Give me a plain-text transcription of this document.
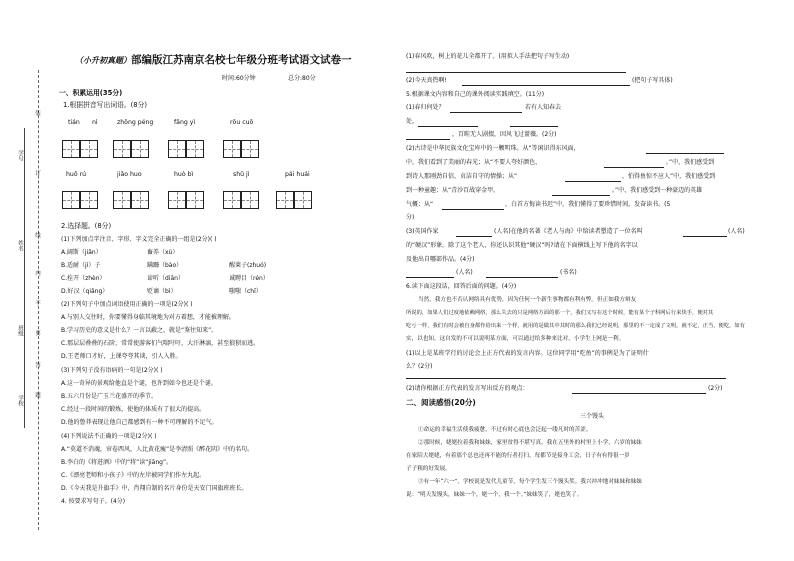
学号
姓名
班级
学校
装
订
线
内
不
要
答
题
（小升初真题）部编版江苏南京名校七年级分班考试语文试卷一
时间:60分钟	总分:80分
一、积累运用(35分)
1.根据拼音写出词语。(8分)
tián nì	zhōng péng	fǎng yì	rǒu cuō
huō rú	jiǎo huo	huò bì	shǔ jì	pái huái
2.选择题。(8分)
(1)下列加点字注音、字形、字义完全正确的一组是(2分)( )
A.阔斯（jiǎn）	畜养（xù）
B.适耐（jì）子	蹒跚（bào）	醒莱子(zhuó)
C.拴开（zhèn）	谛听（diān）	诚聘目（rén）
D.好汉（qiǎng）	贬谪（bì）	嗤嗤（chǐ）
(2)下列句子中加点词语使用正确的一项是(2分)( )
A.与别人交往时，你要懂得身临其境地为对方着想，才能被理解。
B.学习历史的意义是什么？一言以蔽之，就是“鉴往知来”。
C.那层层叠叠的石阶，常常使游客们气喘吁吁，大汗淋漓，甚至狼狈而逃。
D.王老师口才好，上课夸夸其谈，引人入胜。
(3)下列句子没有语病的一句是(2分)( )
A.这一奇异的景观给他直是个谜，也许到如今也还是个谜。
B.五六月份是广玉兰花盛开的季节。
C.经过一段时间的锻炼，使他的体质有了很大的提高。
D.他的鲁莽表现让他自己都感到有一种不可理解的不足气。
(4)下列说法不正确的一项是(2分)( )
A.“莫道不消魂，帘卷西风，人比黄花瘦”是李清照《醉花阴》中的名句。
B.李白的《将进酒》中的“将”读“jiāng”。
C.《漂亮老师和小孩子》中的左岸被同学们作左丸起。
D.《今天我是升旗手》中，肖翔自制的名片身份是天安门国旗班班长。
4. 按要求写句子。(4分)
(1)春风吹，树上的花儿全都开了。(用拟人手法把句子写生动)
(2)今天真热啊!	(把句子写具体)
5.根据课文内容和自己的课外阅读实践填空。(11分)
(1)春归何处？	若有人知春去
处，
，百畦无人剧掇，因风飞过蔷薇。(2分)
(2)古诗是中华民族文化宝库中的一颗明珠。从“等闲识得东风面，
中，我们看到了美丽的春光；从“不要人夸好颜色，	。”中，我们感受到
到诗人那刚劲自信，贞洁自守的情操；从“	，怕得鱼惊不应人”中，我们感受到
到一种童趣；从“青沙百战穿金甲，	。”中，我们感受到一种豪迈的英雄
气概；从“	，白首方悔读书迟”中，我们懂得了要珍惜时间，发奋读书。(5
分)
(3)英国作家	(人名)在他的名著《老人与海》中给读者塑造了一位名叫	(人名)
的“硬汉”形象。除了这个老人，你还认识其他“硬汉”吗?请在下面横线上写下他的名字以
及他出自哪部作品。(4分)
(人名)	(书名)
6.读下面这段话，回答后面的问题。(4分)
当然，我方也不否认网络具有优势，因为任何一个新生事物都有利有弊。但正如我方辩友
所说的，如果人们过度地依赖网络，那么失去的只是网络方面的那一个，我们又写在这个时候，能有某个子科网后行来快手，便对其
吃亏一样，我们有时会被自身都作给出来一个样，就用的是做其中其时的那么我们已经说明，那里的不一定成了文明，就不定，正当，便吃，如有
实，以也知，这自发的不可以说明某方面，可以通过给多种来比对。小学生上网是一利。
(1)以上是某班学行的讨论会上正方代表的发言内容。这位同学用“吃鱼”的事例是为了证明什
么？(2分)
(2)请你根据正方代表的发言写出反方的观点：	(2分)
二、阅读感悟(20分)
三个馒头
①命运的幸福生活使我疲惫，不过有时心底也会泛起一缕凡时的苦涩。
②那时候，姥姥拉着我和妹妹，家里贫得不堪写真。我在五里外的村里上小学，六岁的妹妹
在家陪大姥姥，有着那个总也还再不能的行者打扫，每都节是接身工会，日子有有得很一岁
子子粗的好发展。
③有一年“六一”，学校说是发代儿童节，每个学生发三个馒头奖。我兴冲冲地对妹妹和妹妹
说：“明天发馒头，妹妹一个，姥一个，我一个。”妹妹笑了，姥也笑了。
